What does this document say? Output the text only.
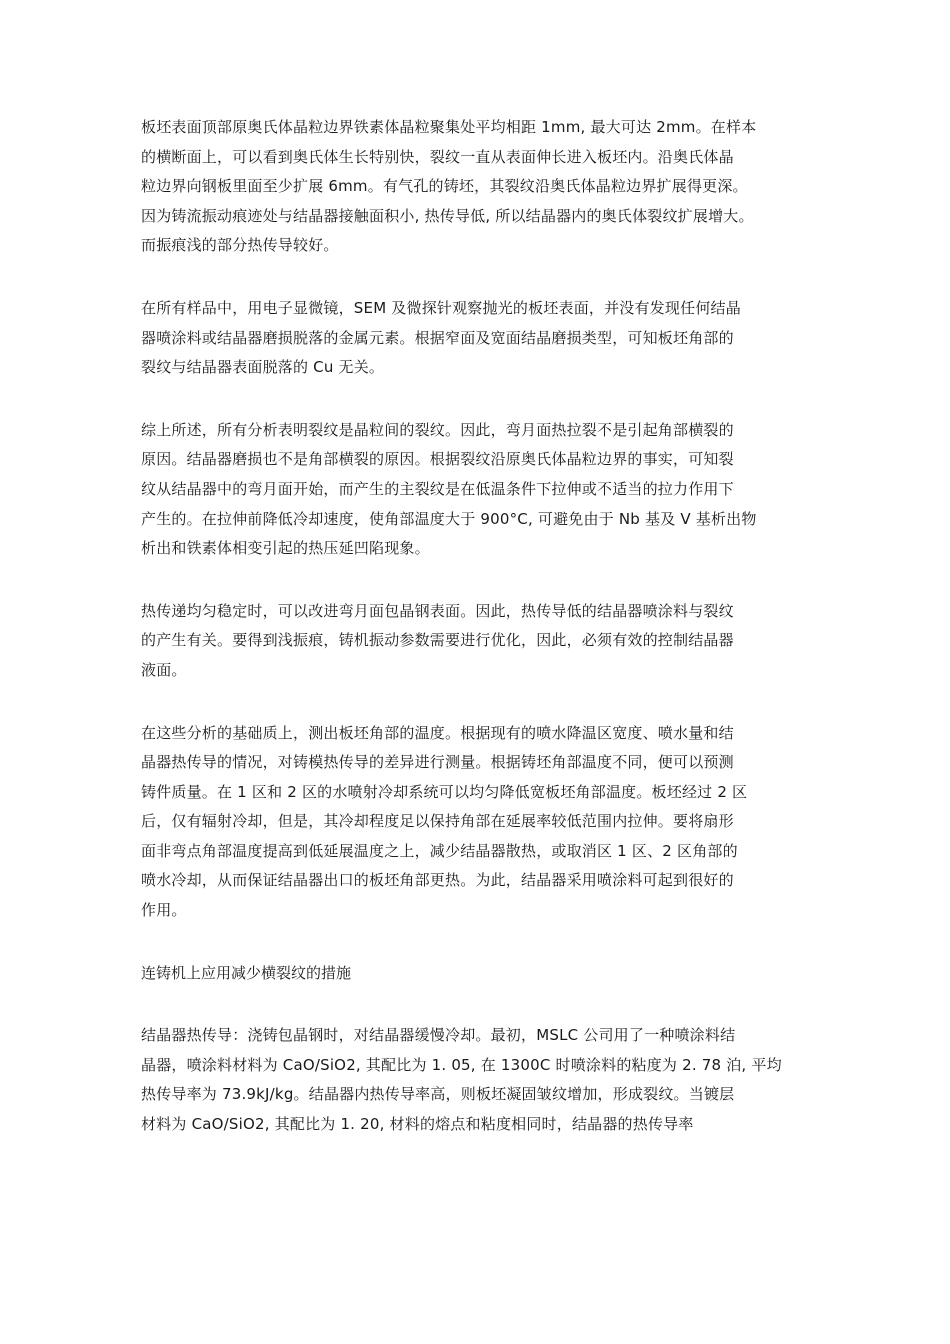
板坯表面顶部原奥氏体晶粒边界铁素体晶粒聚集处平均相距 1mm, 最大可达 2mm。在样本
的横断面上，可以看到奥氏体生长特别快，裂纹一直从表面伸长进入板坯内。沿奥氏体晶
粒边界向钢板里面至少扩展 6mm。有气孔的铸坯，其裂纹沿奥氏体晶粒边界扩展得更深。
因为铸流振动痕迹处与结晶器接触面积小, 热传导低, 所以结晶器内的奥氏体裂纹扩展增大。
而振痕浅的部分热传导较好。

在所有样品中，用电子显微镜，SEM 及微探针观察抛光的板坯表面，并没有发现任何结晶
器喷涂料或结晶器磨损脱落的金属元素。根据窄面及宽面结晶磨损类型，可知板坯角部的
裂纹与结晶器表面脱落的 Cu 无关。

综上所述，所有分析表明裂纹是晶粒间的裂纹。因此，弯月面热拉裂不是引起角部横裂的
原因。结晶器磨损也不是角部横裂的原因。根据裂纹沿原奥氏体晶粒边界的事实，可知裂
纹从结晶器中的弯月面开始，而产生的主裂纹是在低温条件下拉伸或不适当的拉力作用下
产生的。在拉伸前降低冷却速度，使角部温度大于 900°C, 可避免由于 Nb 基及 V 基析出物
析出和铁素体相变引起的热压延凹陷现象。

热传递均匀稳定时，可以改进弯月面包晶钢表面。因此，热传导低的结晶器喷涂料与裂纹
的产生有关。要得到浅振痕，铸机振动参数需要进行优化，因此，必须有效的控制结晶器
液面。

在这些分析的基础质上，测出板坯角部的温度。根据现有的喷水降温区宽度、喷水量和结
晶器热传导的情况，对铸模热传导的差异进行测量。根据铸坯角部温度不同，便可以预测
铸件质量。在 1 区和 2 区的水喷射冷却系统可以均匀降低宽板坯角部温度。板坯经过 2 区
后，仅有辐射冷却，但是，其冷却程度足以保持角部在延展率较低范围内拉伸。要将扇形
面非弯点角部温度提高到低延展温度之上，减少结晶器散热，或取消区 1 区、2 区角部的
喷水冷却，从而保证结晶器出口的板坯角部更热。为此，结晶器采用喷涂料可起到很好的
作用。

连铸机上应用减少横裂纹的措施

结晶器热传导：浇铸包晶钢时，对结晶器缓慢冷却。最初，MSLC 公司用了一种喷涂料结
晶器，喷涂料材料为 CaO/SiO2, 其配比为 1. 05, 在 1300C 时喷涂料的粘度为 2. 78 泊, 平均
热传导率为 73.9kJ/kg。结晶器内热传导率高，则板坯凝固皱纹增加，形成裂纹。当镀层
材料为 CaO/SiO2, 其配比为 1. 20, 材料的熔点和粘度相同时，结晶器的热传导率
